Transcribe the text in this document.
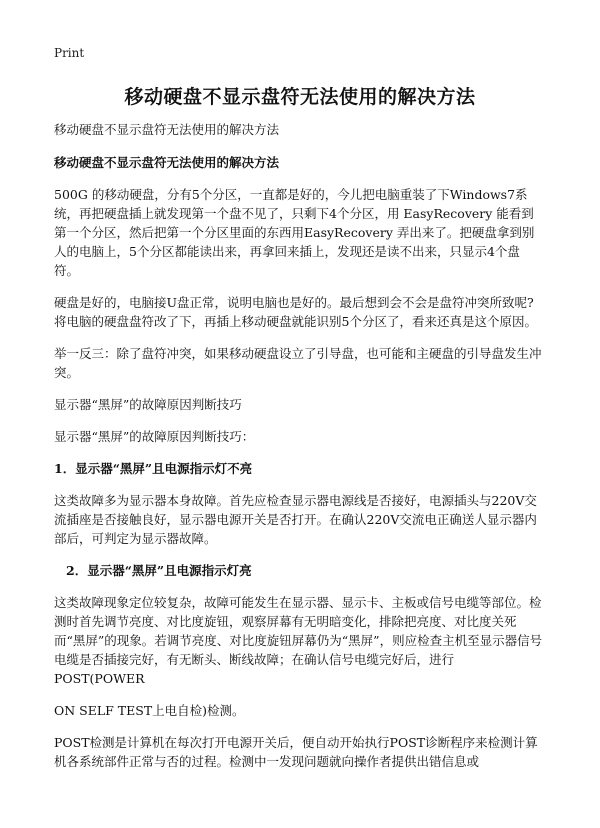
Print
移动硬盘不显示盘符无法使用的解决方法

移动硬盘不显示盘符无法使用的解决方法

移动硬盘不显示盘符无法使用的解决方法

500G 的移动硬盘，分有5个分区，一直都是好的，今儿把电脑重装了下Windows7系统，再把硬盘插上就发现第一个盘不见了，只剩下4个分区，用 EasyRecovery 能看到第一个分区，然后把第一个分区里面的东西用EasyRecovery 弄出来了。把硬盘拿到别人的电脑上，5个分区都能读出来，再拿回来插上，发现还是读不出来，只显示4个盘符。

硬盘是好的，电脑接U盘正常，说明电脑也是好的。最后想到会不会是盘符冲突所致呢?将电脑的硬盘盘符改了下，再插上移动硬盘就能识别5个分区了，看来还真是这个原因。

举一反三：除了盘符冲突，如果移动硬盘设立了引导盘，也可能和主硬盘的引导盘发生冲突。

显示器“黑屏”的故障原因判断技巧

显示器“黑屏”的故障原因判断技巧：

1．显示器“黑屏”且电源指示灯不亮

这类故障多为显示器本身故障。首先应检查显示器电源线是否接好，电源插头与220V交流插座是否接触良好，显示器电源开关是否打开。在确认220V交流电正确送人显示器内部后，可判定为显示器故障。

2．显示器“黑屏”且电源指示灯亮

这类故障现象定位较复杂，故障可能发生在显示器、显示卡、主板或信号电缆等部位。检测时首先调节亮度、对比度旋钮，观察屏幕有无明暗变化，排除把亮度、对比度关死而“黑屏”的现象。若调节亮度、对比度旋钮屏幕仍为“黑屏”，则应检查主机至显示器信号电缆是否插接完好，有无断头、断线故障；在确认信号电缆完好后，进行POST(POWER

ON SELF TEST上电自检)检测。

POST检测是计算机在每次打开电源开关后，便自动开始执行POST诊断程序来检测计算机各系统部件正常与否的过程。检测中一发现问题就向操作者提供出错信息或
